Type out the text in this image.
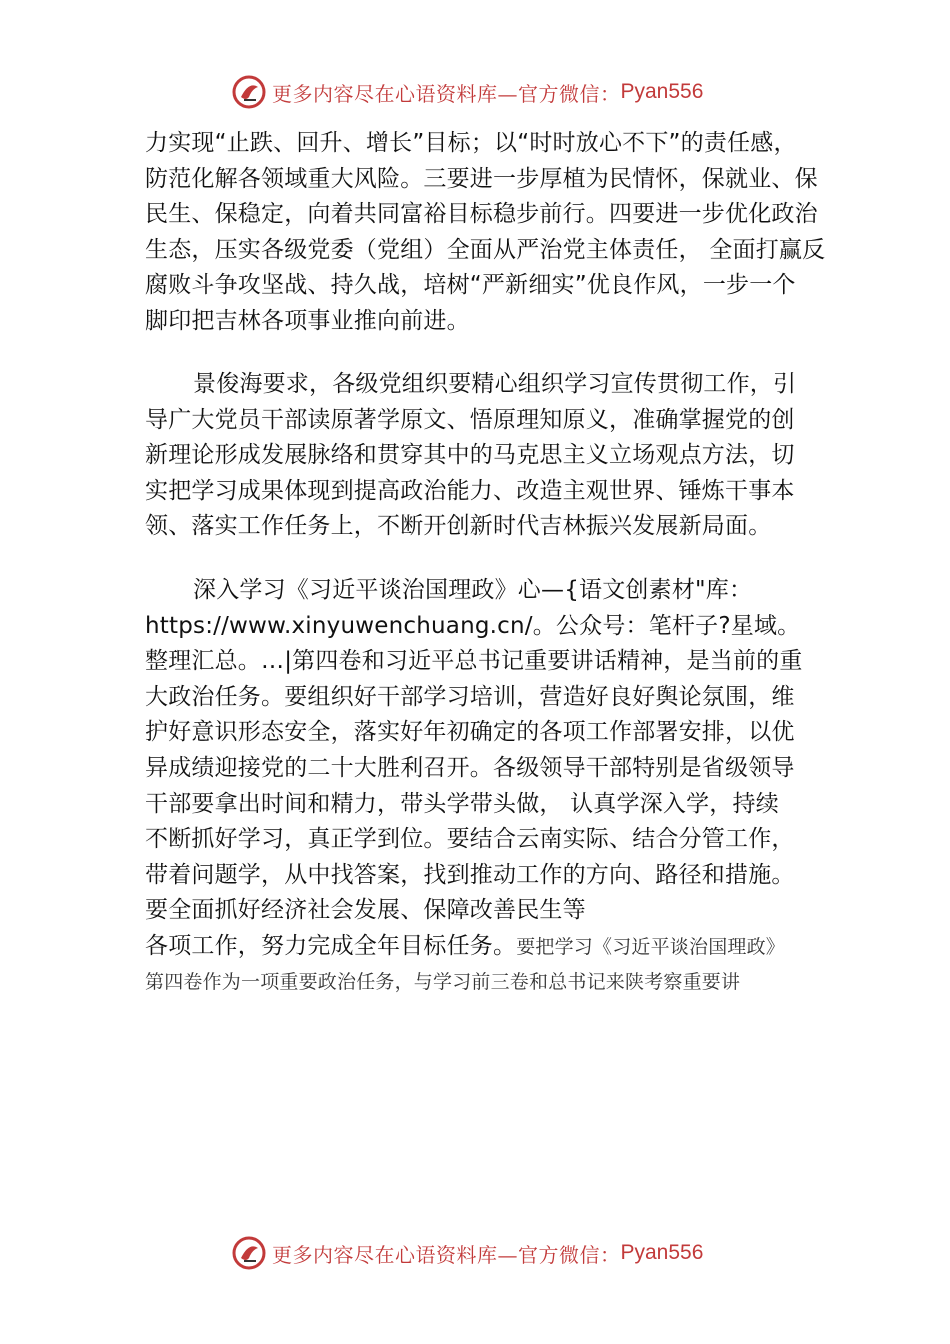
更多内容尽在心语资料库—官方微信： Pyan556
力实现“止跌、回升、增长”目标；以“时时放心不下”的责任感，
防范化解各领域重大风险。三要进一步厚植为民情怀，保就业、保
民生、保稳定，向着共同富裕目标稳步前行。四要进一步优化政治
生态，压实各级党委（党组）全面从严治党主体责任， 全面打赢反
腐败斗争攻坚战、持久战，培树“严新细实”优良作风，一步一个
脚印把吉林各项事业推向前进。
景俊海要求，各级党组织要精心组织学习宣传贯彻工作，引
导广大党员干部读原著学原文、悟原理知原义，准确掌握党的创
新理论形成发展脉络和贯穿其中的马克思主义立场观点方法，切
实把学习成果体现到提高政治能力、改造主观世界、锤炼干事本
领、落实工作任务上，不断开创新时代吉林振兴发展新局面。
深入学习《习近平谈治国理政》心—{语文创素材"库：
https://www.xinyuwenchuang.cn/。公众号：笔杆子?星域。
整理汇总。…|第四卷和习近平总书记重要讲话精神，是当前的重
大政治任务。要组织好干部学习培训，营造好良好舆论氛围，维
护好意识形态安全，落实好年初确定的各项工作部署安排，以优
异成绩迎接党的二十大胜利召开。各级领导干部特别是省级领导
干部要拿出时间和精力，带头学带头做， 认真学深入学，持续
不断抓好学习，真正学到位。要结合云南实际、结合分管工作，
带着问题学，从中找答案，找到推动工作的方向、路径和措施。
要全面抓好经济社会发展、保障改善民生等
各项工作，努力完成全年目标任务。要把学习《习近平谈治国理政》
第四卷作为一项重要政治任务，与学习前三卷和总书记来陕考察重要讲
更多内容尽在心语资料库—官方微信： Pyan556
